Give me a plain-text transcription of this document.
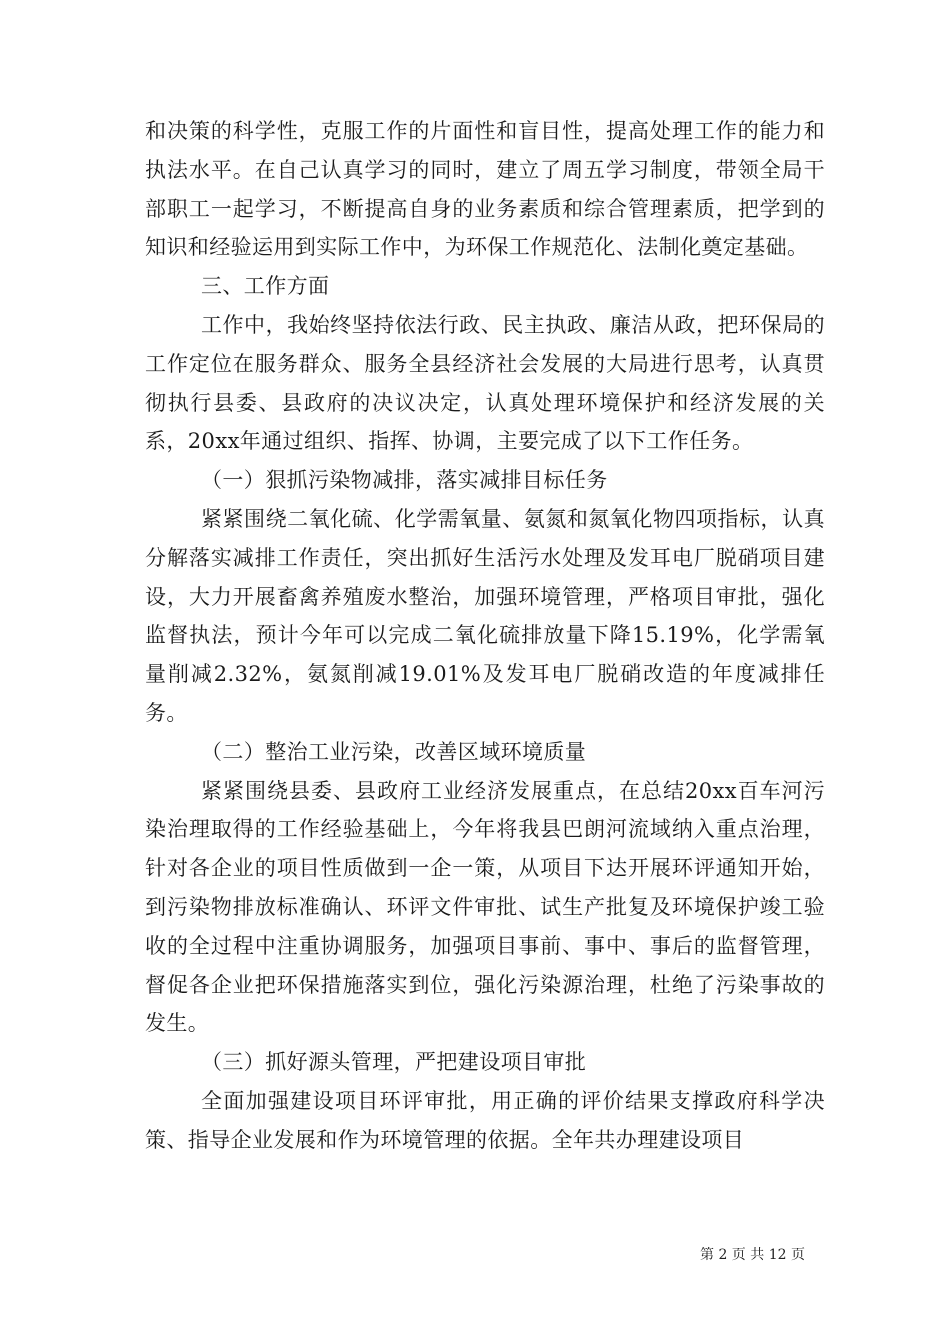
和决策的科学性，克服工作的片面性和盲目性，提高处理工作的能力和执法水平。在自己认真学习的同时，建立了周五学习制度，带领全局干部职工一起学习，不断提高自身的业务素质和综合管理素质，把学到的知识和经验运用到实际工作中，为环保工作规范化、法制化奠定基础。

三、工作方面

工作中，我始终坚持依法行政、民主执政、廉洁从政，把环保局的工作定位在服务群众、服务全县经济社会发展的大局进行思考，认真贯彻执行县委、县政府的决议决定，认真处理环境保护和经济发展的关系，20xx年通过组织、指挥、协调，主要完成了以下工作任务。

（一）狠抓污染物减排，落实减排目标任务

紧紧围绕二氧化硫、化学需氧量、氨氮和氮氧化物四项指标，认真分解落实减排工作责任，突出抓好生活污水处理及发耳电厂脱硝项目建设，大力开展畜禽养殖废水整治，加强环境管理，严格项目审批，强化监督执法，预计今年可以完成二氧化硫排放量下降15.19%，化学需氧量削减2.32%，氨氮削减19.01%及发耳电厂脱硝改造的年度减排任务。

（二）整治工业污染，改善区域环境质量

紧紧围绕县委、县政府工业经济发展重点，在总结20xx百车河污染治理取得的工作经验基础上，今年将我县巴朗河流域纳入重点治理，针对各企业的项目性质做到一企一策，从项目下达开展环评通知开始，到污染物排放标准确认、环评文件审批、试生产批复及环境保护竣工验收的全过程中注重协调服务，加强项目事前、事中、事后的监督管理，督促各企业把环保措施落实到位，强化污染源治理，杜绝了污染事故的发生。

（三）抓好源头管理，严把建设项目审批

全面加强建设项目环评审批，用正确的评价结果支撑政府科学决策、指导企业发展和作为环境管理的依据。全年共办理建设项目

第 2 页 共 12 页
